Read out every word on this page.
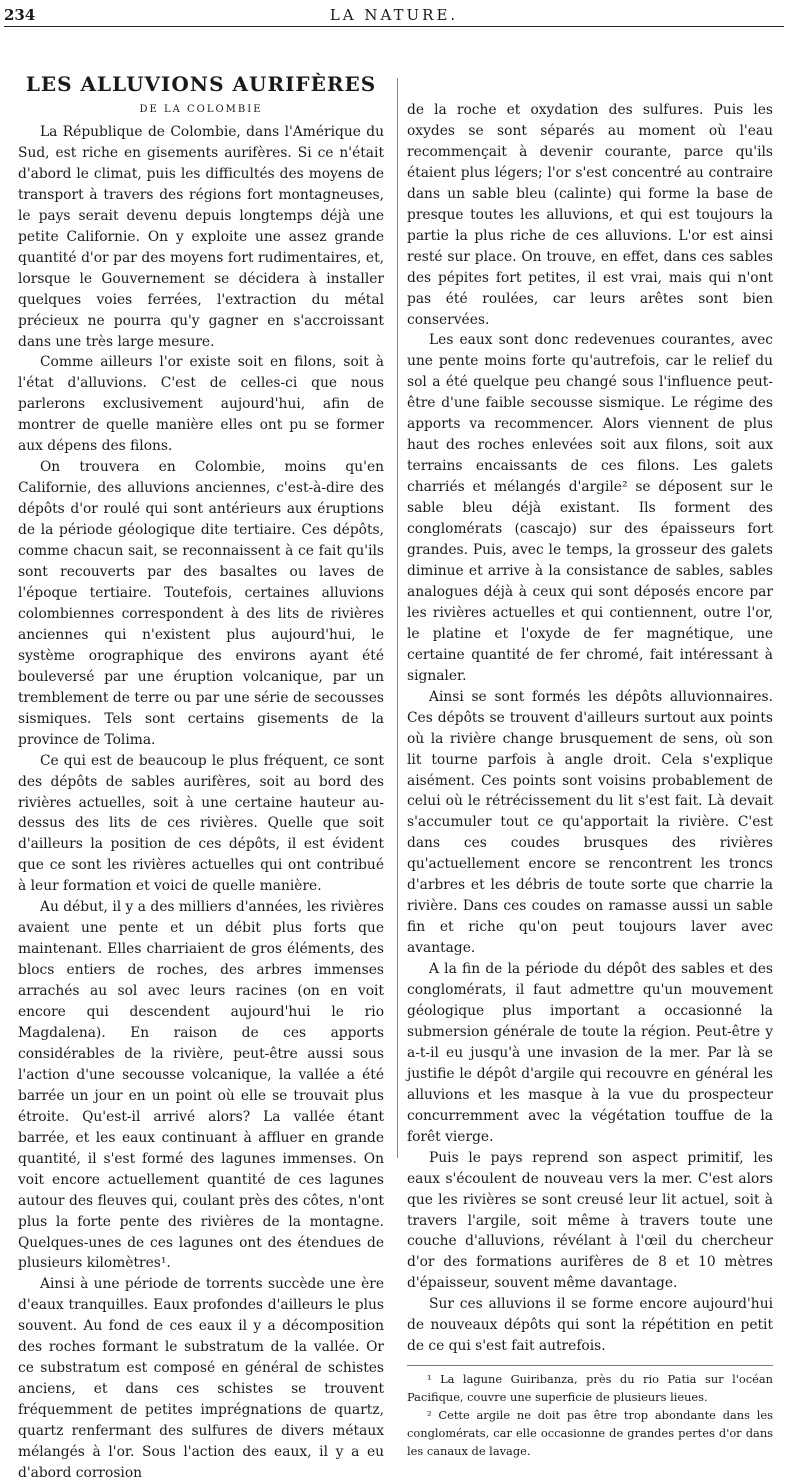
234	LA NATURE.

La République de Colombie, dans l'Amérique du Sud, est riche en gisements aurifères. Si ce n'était d'abord le climat, puis les difficultés des moyens de transport à travers des régions fort montagneuses, le pays serait devenu depuis longtemps déjà une petite Californie. On y exploite une assez grande quantité d'or par des moyens fort rudimentaires, et, lorsque le Gouvernement se décidera à installer quelques voies ferrées, l'extraction du métal précieux ne pourra qu'y gagner en s'accroissant dans une très large mesure.

Comme ailleurs l'or existe soit en filons, soit à l'état d'alluvions. C'est de celles-ci que nous parlerons exclusivement aujourd'hui, afin de montrer de quelle manière elles ont pu se former aux dépens des filons.

On trouvera en Colombie, moins qu'en Californie, des alluvions anciennes, c'est-à-dire des dépôts d'or roulé qui sont antérieurs aux éruptions de la période géologique dite tertiaire. Ces dépôts, comme chacun sait, se reconnaissent à ce fait qu'ils sont recouverts par des basaltes ou laves de l'époque tertiaire. Toutefois, certaines alluvions colombiennes correspondent à des lits de rivières anciennes qui n'existent plus aujourd'hui, le système orographique des environs ayant été bouleversé par une éruption volcanique, par un tremblement de terre ou par une série de secousses sismiques. Tels sont certains gisements de la province de Tolima.

Ce qui est de beaucoup le plus fréquent, ce sont des dépôts de sables aurifères, soit au bord des rivières actuelles, soit à une certaine hauteur au-dessus des lits de ces rivières. Quelle que soit d'ailleurs la position de ces dépôts, il est évident que ce sont les rivières actuelles qui ont contribué à leur formation et voici de quelle manière.

Au début, il y a des milliers d'années, les rivières avaient une pente et un débit plus forts que maintenant. Elles charriaient de gros éléments, des blocs entiers de roches, des arbres immenses arrachés au sol avec leurs racines (on en voit encore qui descendent aujourd'hui le rio Magdalena). En raison de ces apports considérables de la rivière, peut-être aussi sous l'action d'une secousse volcanique, la vallée a été barrée un jour en un point où elle se trouvait plus étroite. Qu'est-il arrivé alors? La vallée étant barrée, et les eaux continuant à affluer en grande quantité, il s'est formé des lagunes immenses. On voit encore actuellement quantité de ces lagunes autour des fleuves qui, coulant près des côtes, n'ont plus la forte pente des rivières de la montagne. Quelques-unes de ces lagunes ont des étendues de plusieurs kilomètres¹.

Ainsi à une période de torrents succède une ère d'eaux tranquilles. Eaux profondes d'ailleurs le plus souvent. Au fond de ces eaux il y a décomposition des roches formant le substratum de la vallée. Or ce substratum est composé en général de schistes anciens, et dans ces schistes se trouvent fréquemment de petites imprégnations de quartz, quartz renfermant des sulfures de divers métaux mélangés à l'or. Sous l'action des eaux, il y a eu d'abord corrosion

LES ALLUVIONS AURIFÈRES
DE LA COLOMBIE	de la roche et oxydation des sulfures. Puis les oxydes se sont séparés au moment où l'eau recommençait à devenir courante, parce qu'ils étaient plus légers; l'or s'est concentré au contraire dans un sable bleu (calinte) qui forme la base de presque toutes les alluvions, et qui est toujours la partie la plus riche de ces alluvions. L'or est ainsi resté sur place. On trouve, en effet, dans ces sables des pépites fort petites, il est vrai, mais qui n'ont pas été roulées, car leurs arêtes sont bien conservées.

Les eaux sont donc redevenues courantes, avec une pente moins forte qu'autrefois, car le relief du sol a été quelque peu changé sous l'influence peut-être d'une faible secousse sismique. Le régime des apports va recommencer. Alors viennent de plus haut des roches enlevées soit aux filons, soit aux terrains encaissants de ces filons. Les galets charriés et mélangés d'argile² se déposent sur le sable bleu déjà existant. Ils forment des conglomérats (cascajo) sur des épaisseurs fort grandes. Puis, avec le temps, la grosseur des galets diminue et arrive à la consistance de sables, sables analogues déjà à ceux qui sont déposés encore par les rivières actuelles et qui contiennent, outre l'or, le platine et l'oxyde de fer magnétique, une certaine quantité de fer chromé, fait intéressant à signaler.

Ainsi se sont formés les dépôts alluvionnaires. Ces dépôts se trouvent d'ailleurs surtout aux points où la rivière change brusquement de sens, où son lit tourne parfois à angle droit. Cela s'explique aisément. Ces points sont voisins probablement de celui où le rétrécissement du lit s'est fait. Là devait s'accumuler tout ce qu'apportait la rivière. C'est dans ces coudes brusques des rivières qu'actuellement encore se rencontrent les troncs d'arbres et les débris de toute sorte que charrie la rivière. Dans ces coudes on ramasse aussi un sable fin et riche qu'on peut toujours laver avec avantage.

A la fin de la période du dépôt des sables et des conglomérats, il faut admettre qu'un mouvement géologique plus important a occasionné la submersion générale de toute la région. Peut-être y a-t-il eu jusqu'à une invasion de la mer. Par là se justifie le dépôt d'argile qui recouvre en général les alluvions et les masque à la vue du prospecteur concurremment avec la végétation touffue de la forêt vierge.

Puis le pays reprend son aspect primitif, les eaux s'écoulent de nouveau vers la mer. C'est alors que les rivières se sont creusé leur lit actuel, soit à travers l'argile, soit même à travers toute une couche d'alluvions, révélant à l'œil du chercheur d'or des formations aurifères de 8 et 10 mètres d'épaisseur, souvent même davantage.

Sur ces alluvions il se forme encore aujourd'hui de nouveaux dépôts qui sont la répétition en petit de ce qui s'est fait autrefois.

¹ La lagune Guiribanza, près du rio Patia sur l'océan Pacifique, couvre une superficie de plusieurs lieues.

² Cette argile ne doit pas être trop abondante dans les conglomérats, car elle occasionne de grandes pertes d'or dans les canaux de lavage.
